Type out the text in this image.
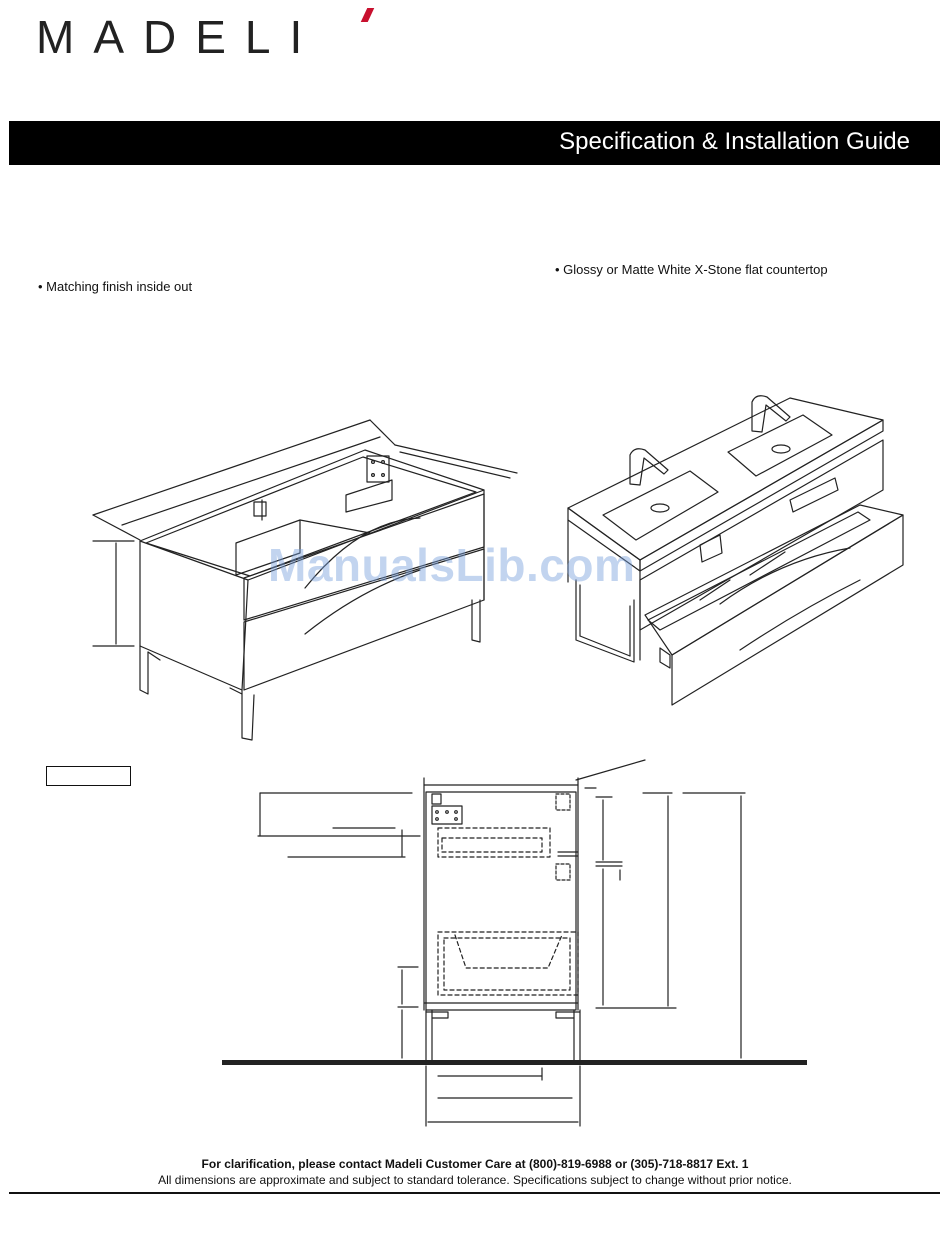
MADELI
Specification & Installation Guide
• Glossy or Matte White X-Stone flat countertop
• Matching finish inside out
ManualsLib.com
For clarification, please contact Madeli Customer Care at (800)-819-6988 or (305)-718-8817 Ext. 1
All dimensions are approximate and subject to standard tolerance. Specifications subject to change without prior notice.
